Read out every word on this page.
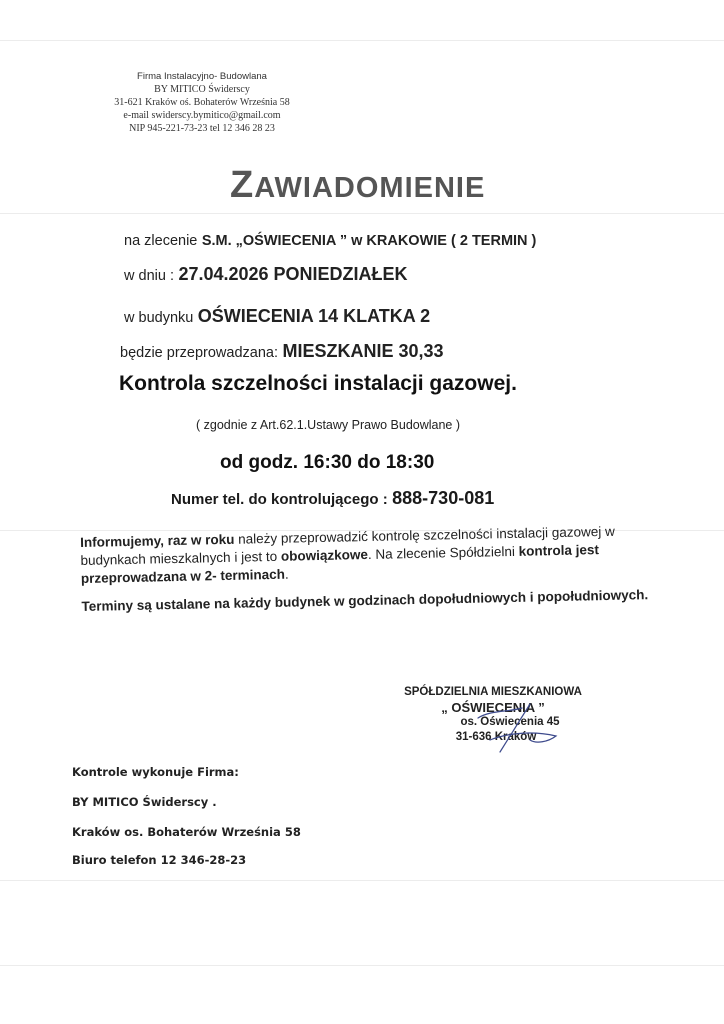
Firma Instalacyjno- Budowlana
BY MITICO Świderscy
31-621 Kraków oś. Bohaterów Września 58
e-mail swiderscy.bymitico@gmail.com
NIP 945-221-73-23 tel 12 346 28 23
ZAWIADOMIENIE
na zlecenie S.M. „OŚWIECENIA ” w KRAKOWIE ( 2 TERMIN )
w dniu : 27.04.2026 PONIEDZIAŁEK
w budynku OŚWIECENIA 14 KLATKA 2
będzie przeprowadzana: MIESZKANIE 30,33
Kontrola szczelności instalacji gazowej.
( zgodnie z Art.62.1.Ustawy Prawo Budowlane )
od godz. 16:30 do 18:30
Numer tel. do kontrolującego : 888-730-081

Informujemy, raz w roku należy przeprowadzić kontrolę szczelności instalacji gazowej w budynkach mieszkalnych i jest to obowiązkowe. Na zlecenie Spółdzielni kontrola jest przeprowadzana w 2- terminach.

Terminy są ustalane na każdy budynek w godzinach dopołudniowych i popołudniowych.

SPÓŁDZIELNIA MIESZKANIOWA
„ OŚWIECENIA ”
os. Oświecenia 45
31-636 Kraków
Kontrole wykonuje Firma:
BY MITICO Świderscy .
Kraków os. Bohaterów Września 58
Biuro telefon 12 346-28-23
